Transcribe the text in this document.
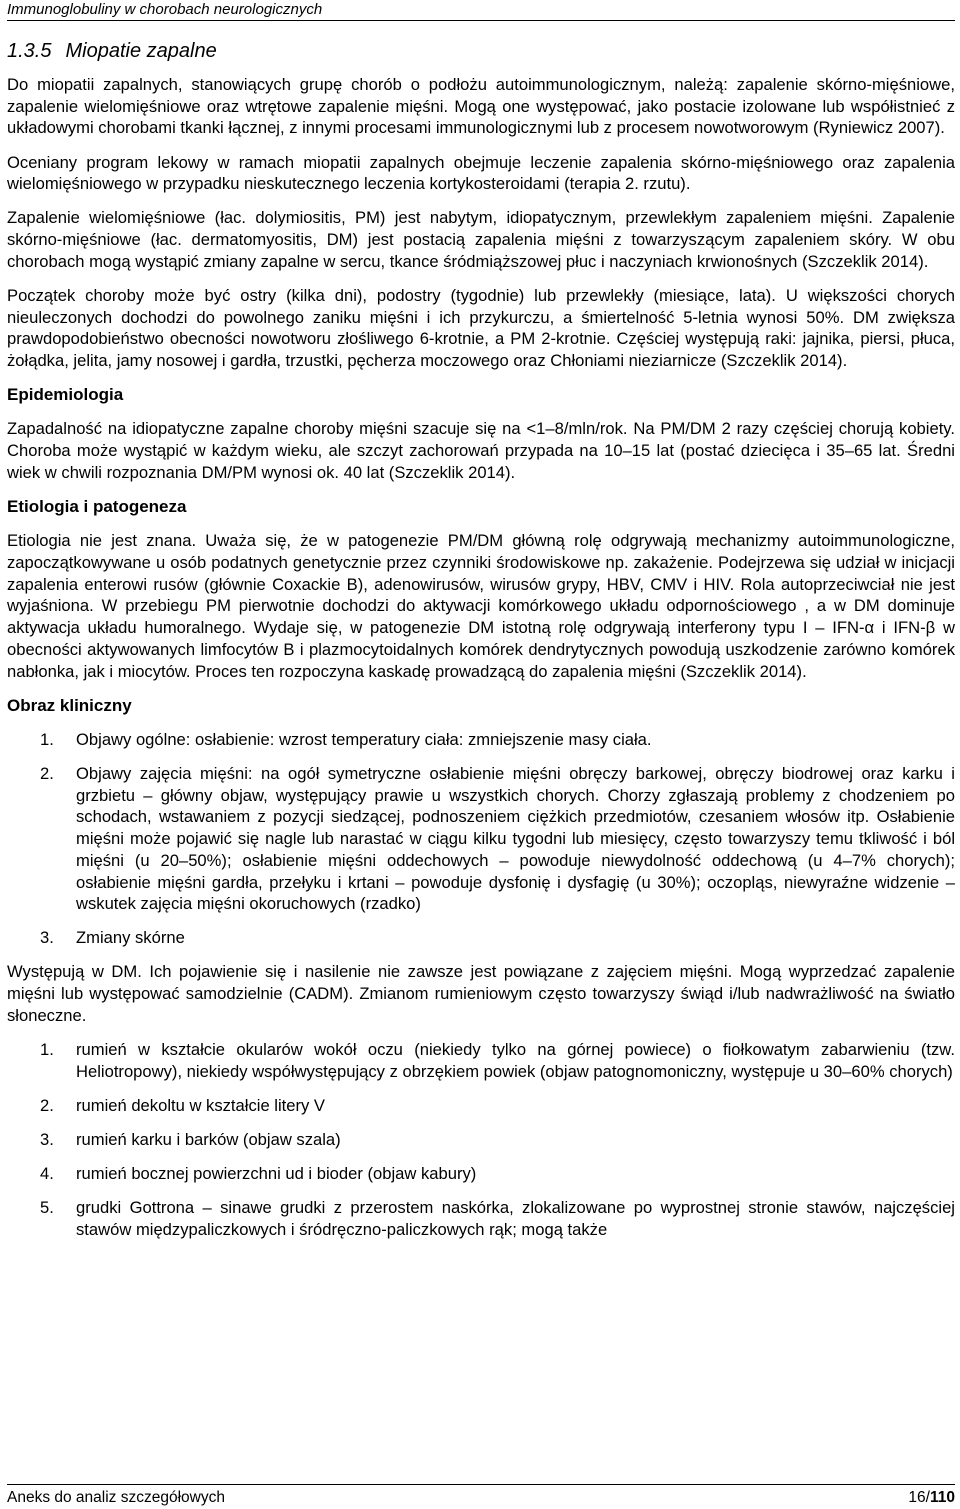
Immunoglobuliny w chorobach neurologicznych
1.3.5 Miopatie zapalne

Do miopatii zapalnych, stanowiących grupę chorób o podłożu autoimmunologicznym, należą: zapalenie skórno-mięśniowe, zapalenie wielomięśniowe oraz wtrętowe zapalenie mięśni. Mogą one występować, jako postacie izolowane lub współistnieć z układowymi chorobami tkanki łącznej, z innymi procesami immunologicznymi lub z procesem nowotworowym (Ryniewicz 2007).

Oceniany program lekowy w ramach miopatii zapalnych obejmuje leczenie zapalenia skórno-mięśniowego oraz zapalenia wielomięśniowego w przypadku nieskutecznego leczenia kortykosteroidami (terapia 2. rzutu).

Zapalenie wielomięśniowe (łac. dolymiositis, PM) jest nabytym, idiopatycznym, przewlekłym zapaleniem mięśni. Zapalenie skórno-mięśniowe (łac. dermatomyositis, DM) jest postacią zapalenia mięśni z towarzyszącym zapaleniem skóry. W obu chorobach mogą wystąpić zmiany zapalne w sercu, tkance śródmiąższowej płuc i naczyniach krwionośnych (Szczeklik 2014).

Początek choroby może być ostry (kilka dni), podostry (tygodnie) lub przewlekły (miesiące, lata). U większości chorych nieuleczonych dochodzi do powolnego zaniku mięśni i ich przykurczu, a śmiertelność 5-letnia wynosi 50%. DM zwiększa prawdopodobieństwo obecności nowotworu złośliwego 6-krotnie, a PM 2-krotnie. Częściej występują raki: jajnika, piersi, płuca, żołądka, jelita, jamy nosowej i gardła, trzustki, pęcherza moczowego oraz Chłoniami nieziarnicze (Szczeklik 2014).

Epidemiologia

Zapadalność na idiopatyczne zapalne choroby mięśni szacuje się na <1–8/mln/rok. Na PM/DM 2 razy częściej chorują kobiety. Choroba może wystąpić w każdym wieku, ale szczyt zachorowań przypada na 10–15 lat (postać dziecięca i 35–65 lat. Średni wiek w chwili rozpoznania DM/PM wynosi ok. 40 lat (Szczeklik 2014).

Etiologia i patogeneza

Etiologia nie jest znana. Uważa się, że w patogenezie PM/DM główną rolę odgrywają mechanizmy autoimmunologiczne, zapoczątkowywane u osób podatnych genetycznie przez czynniki środowiskowe np. zakażenie. Podejrzewa się udział w inicjacji zapalenia enterowi rusów (głównie Coxackie B), adenowirusów, wirusów grypy, HBV, CMV i HIV. Rola autoprzeciwciał nie jest wyjaśniona. W przebiegu PM pierwotnie dochodzi do aktywacji komórkowego układu odpornościowego , a w DM dominuje aktywacja układu humoralnego. Wydaje się, w patogenezie DM istotną rolę odgrywają interferony typu I – IFN-α i IFN-β w obecności aktywowanych limfocytów B i plazmocytoidalnych komórek dendrytycznych powodują uszkodzenie zarówno komórek nabłonka, jak i miocytów. Proces ten rozpoczyna kaskadę prowadzącą do zapalenia mięśni (Szczeklik 2014).

Obraz kliniczny
1. Objawy ogólne: osłabienie: wzrost temperatury ciała: zmniejszenie masy ciała.
2. Objawy zajęcia mięśni: na ogół symetryczne osłabienie mięśni obręczy barkowej, obręczy biodrowej oraz karku i grzbietu – główny objaw, występujący prawie u wszystkich chorych. Chorzy zgłaszają problemy z chodzeniem po schodach, wstawaniem z pozycji siedzącej, podnoszeniem ciężkich przedmiotów, czesaniem włosów itp. Osłabienie mięśni może pojawić się nagle lub narastać w ciągu kilku tygodni lub miesięcy, często towarzyszy temu tkliwość i ból mięśni (u 20–50%); osłabienie mięśni oddechowych – powoduje niewydolność oddechową (u 4–7% chorych); osłabienie mięśni gardła, przełyku i krtani – powoduje dysfonię i dysfagię (u 30%); oczopląs, niewyraźne widzenie – wskutek zajęcia mięśni okoruchowych (rzadko)
3. Zmiany skórne

Występują w DM. Ich pojawienie się i nasilenie nie zawsze jest powiązane z zajęciem mięśni. Mogą wyprzedzać zapalenie mięśni lub występować samodzielnie (CADM). Zmianom rumieniowym często towarzyszy świąd i/lub nadwrażliwość na światło słoneczne.

1. rumień w kształcie okularów wokół oczu (niekiedy tylko na górnej powiece) o fiołkowatym zabarwieniu (tzw. Heliotropowy), niekiedy współwystępujący z obrzękiem powiek (objaw patognomoniczny, występuje u 30–60% chorych)
2. rumień dekoltu w kształcie litery V
3. rumień karku i barków (objaw szala)
4. rumień bocznej powierzchni ud i bioder (objaw kabury)
5. grudki Gottrona – sinawe grudki z przerostem naskórka, zlokalizowane po wyprostnej stronie stawów, najczęściej stawów międzypaliczkowych i śródręczno-paliczkowych rąk; mogą także
Aneks do analiz szczegółowych	16/110
